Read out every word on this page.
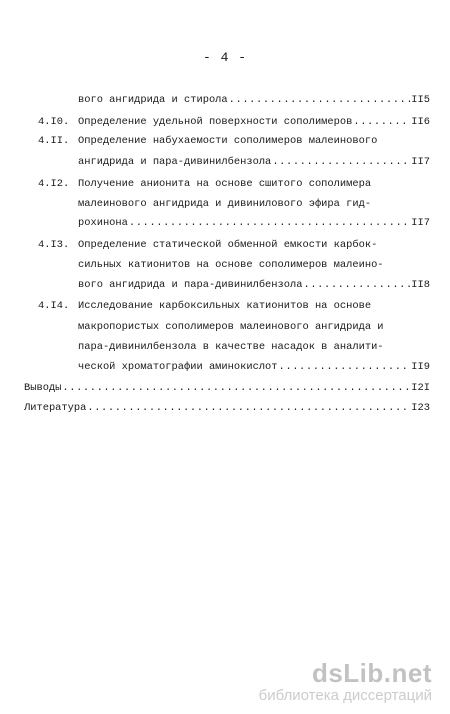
- 4 -
вого ангидрида и стирола .....	II5
4.I0. Определение удельной поверхности сополимеров .....	II6
4.II. Определение набухаемости сополимеров малеинового
ангидрида и пара-дивинилбензола .....	II7
4.I2. Получение анионита на основе сшитого сополимера
малеинового ангидрида и дивинилового эфира гид-
рохинона .....	II7
4.I3. Определение статической обменной емкости карбок-
сильных катионитов на основе сополимеров малеино-
вого ангидрида и пара-дивинилбензола .....	II8
4.I4. Исследование карбоксильных катионитов на основе
макропористых сополимеров малеинового ангидрида и
пара-дивинилбензола в качестве насадок в аналити-
ческой хроматографии аминокислот .....	II9
Выводы .....	I2I
Литература .....	I23
dsLib.net
библиотека диссертаций
